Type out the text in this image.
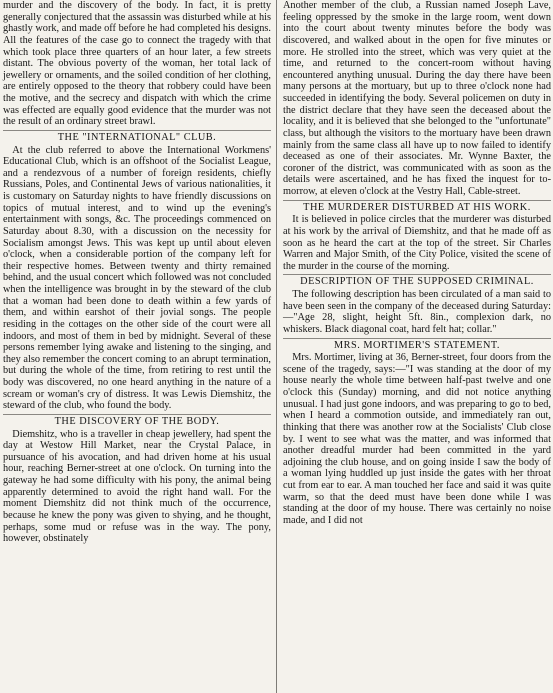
murder and the discovery of the body. In fact, it is pretty generally conjectured that the assassin was disturbed while at his ghastly work, and made off before he had completed his designs. All the features of the case go to connect the tragedy with that which took place three quarters of an hour later, a few streets distant. The obvious poverty of the woman, her total lack of jewellery or ornaments, and the soiled condition of her clothing, are entirely opposed to the theory that robbery could have been the motive, and the secrecy and dispatch with which the crime was effected are equally good evidence that the murder was not the result of an ordinary street brawl.

THE "INTERNATIONAL" CLUB.

At the club referred to above the International Workmens' Educational Club, which is an offshoot of the Socialist League, and a rendezvous of a number of foreign residents, chiefly Russians, Poles, and Continental Jews of various nationalities, it is customary on Saturday nights to have friendly discussions on topics of mutual interest, and to wind up the evening's entertainment with songs, &c. The proceedings commenced on Saturday about 8.30, with a discussion on the necessity for Socialism amongst Jews. This was kept up until about eleven o'clock, when a considerable portion of the company left for their respective homes. Between twenty and thirty remained behind, and the usual concert which followed was not concluded when the intelligence was brought in by the steward of the club that a woman had been done to death within a few yards of them, and within earshot of their jovial songs. The people residing in the cottages on the other side of the court were all indoors, and most of them in bed by midnight. Several of these persons remember lying awake and listening to the singing, and they also remember the concert coming to an abrupt termination, but during the whole of the time, from retiring to rest until the body was discovered, no one heard anything in the nature of a scream or woman's cry of distress. It was Lewis Diemshitz, the steward of the club, who found the body.

THE DISCOVERY OF THE BODY.

Diemshitz, who is a traveller in cheap jewellery, had spent the day at Westow Hill Market, near the Crystal Palace, in pursuance of his avocation, and had driven home at his usual hour, reaching Berner-street at one o'clock. On turning into the gateway he had some difficulty with his pony, the animal being apparently determined to avoid the right hand wall. For the moment Diemshitz did not think much of the occurrence, because he knew the pony was given to shying, and he thought, perhaps, some mud or refuse was in the way. The pony, however, obstinately

Another member of the club, a Russian named Joseph Lave, feeling oppressed by the smoke in the large room, went down into the court about twenty minutes before the body was discovered, and walked about in the open for five minutes or more. He strolled into the street, which was very quiet at the time, and returned to the concert-room without having encountered anything unusual. During the day there have been many persons at the mortuary, but up to three o'clock none had succeeded in identifying the body. Several policemen on duty in the district declare that they have seen the deceased about the locality, and it is believed that she belonged to the "unfortunate" class, but although the visitors to the mortuary have been drawn mainly from the same class all have up to now failed to identify deceased as one of their associates. Mr. Wynne Baxter, the coroner of the district, was communicated with as soon as the details were ascertained, and he has fixed the inquest for to-morrow, at eleven o'clock at the Vestry Hall, Cable-street.

THE MURDERER DISTURBED AT HIS WORK.

It is believed in police circles that the murderer was disturbed at his work by the arrival of Diemshitz, and that he made off as soon as he heard the cart at the top of the street. Sir Charles Warren and Major Smith, of the City Police, visited the scene of the murder in the course of the morning.

DESCRIPTION OF THE SUPPOSED CRIMINAL.

The following description has been circulated of a man said to have been seen in the company of the deceased during Saturday:—"Age 28, slight, height 5ft. 8in., complexion dark, no whiskers. Black diagonal coat, hard felt hat; collar."

MRS. MORTIMER'S STATEMENT.

Mrs. Mortimer, living at 36, Berner-street, four doors from the scene of the tragedy, says:—"I was standing at the door of my house nearly the whole time between half-past twelve and one o'clock this (Sunday) morning, and did not notice anything unusual. I had just gone indoors, and was preparing to go to bed, when I heard a commotion outside, and immediately ran out, thinking that there was another row at the Socialists' Club close by. I went to see what was the matter, and was informed that another dreadful murder had been committed in the yard adjoining the club house, and on going inside I saw the body of a woman lying huddled up just inside the gates with her throat cut from ear to ear. A man touched her face and said it was quite warm, so that the deed must have been done while I was standing at the door of my house. There was certainly no noise made, and I did not
